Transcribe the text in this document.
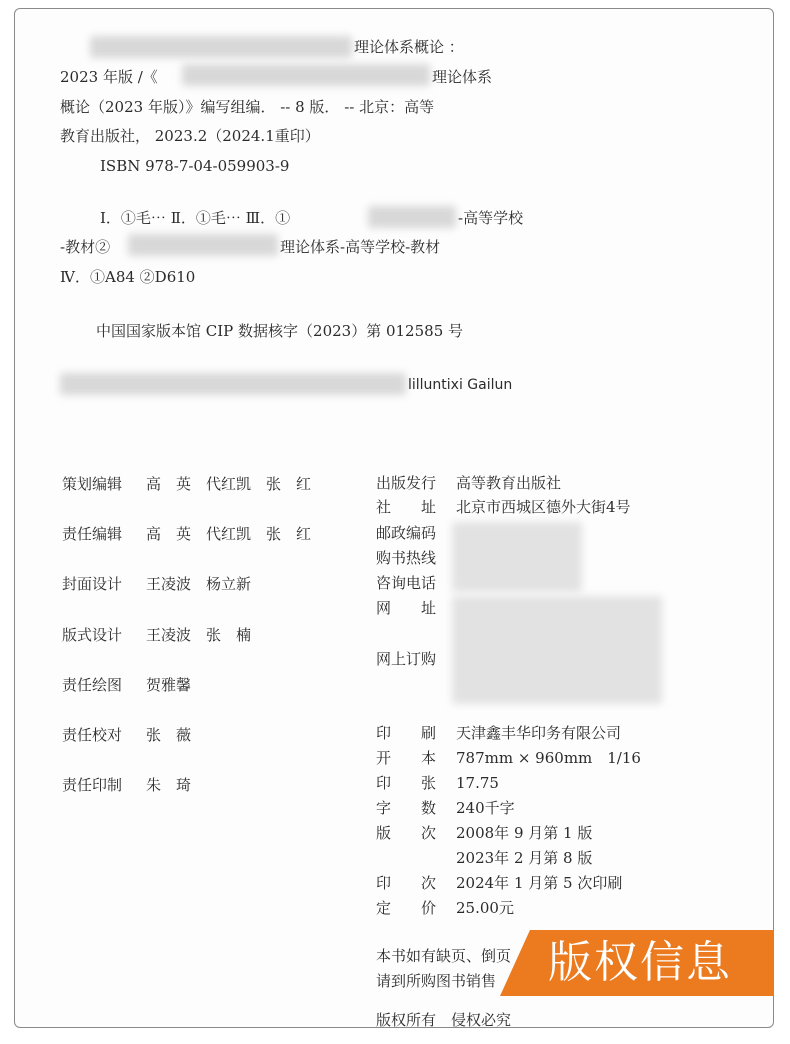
理论体系概论 ：
2023 年版 /《	理论体系
概论（2023 年版）》编写组编． -- 8 版． -- 北京：高等
教育出版社， 2023.2（2024.1重印）
ISBN 978-7-04-059903-9
Ⅰ．①毛⋯ Ⅱ．①毛⋯ Ⅲ．①	-高等学校
-教材②	理论体系-高等学校-教材
Ⅳ．①A84 ②D610
中国国家版本馆 CIP 数据核字（2023）第 012585 号
lilluntixi Gailun
策划编辑 高　英　代红凯　张　红
责任编辑 高　英　代红凯　张　红
封面设计 王凌波　杨立新
版式设计 王凌波　张　楠
责任绘图 贺雅馨
责任校对 张　薇
责任印制 朱　琦
出版发行 高等教育出版社
社　　址 北京市西城区德外大街4号
邮政编码
购书热线
咨询电话
网　　址
网上订购
印　　刷 天津鑫丰华印务有限公司
开　　本 787mm × 960mm　1/16
印　　张 17.75
字　　数 240千字
版　　次 2008年 9 月第 1 版
2023年 2 月第 8 版
印　　次 2024年 1 月第 5 次印刷
定　　价 25.00元
本书如有缺页、倒页
请到所购图书销售
版权所有　侵权必究
版权信息
